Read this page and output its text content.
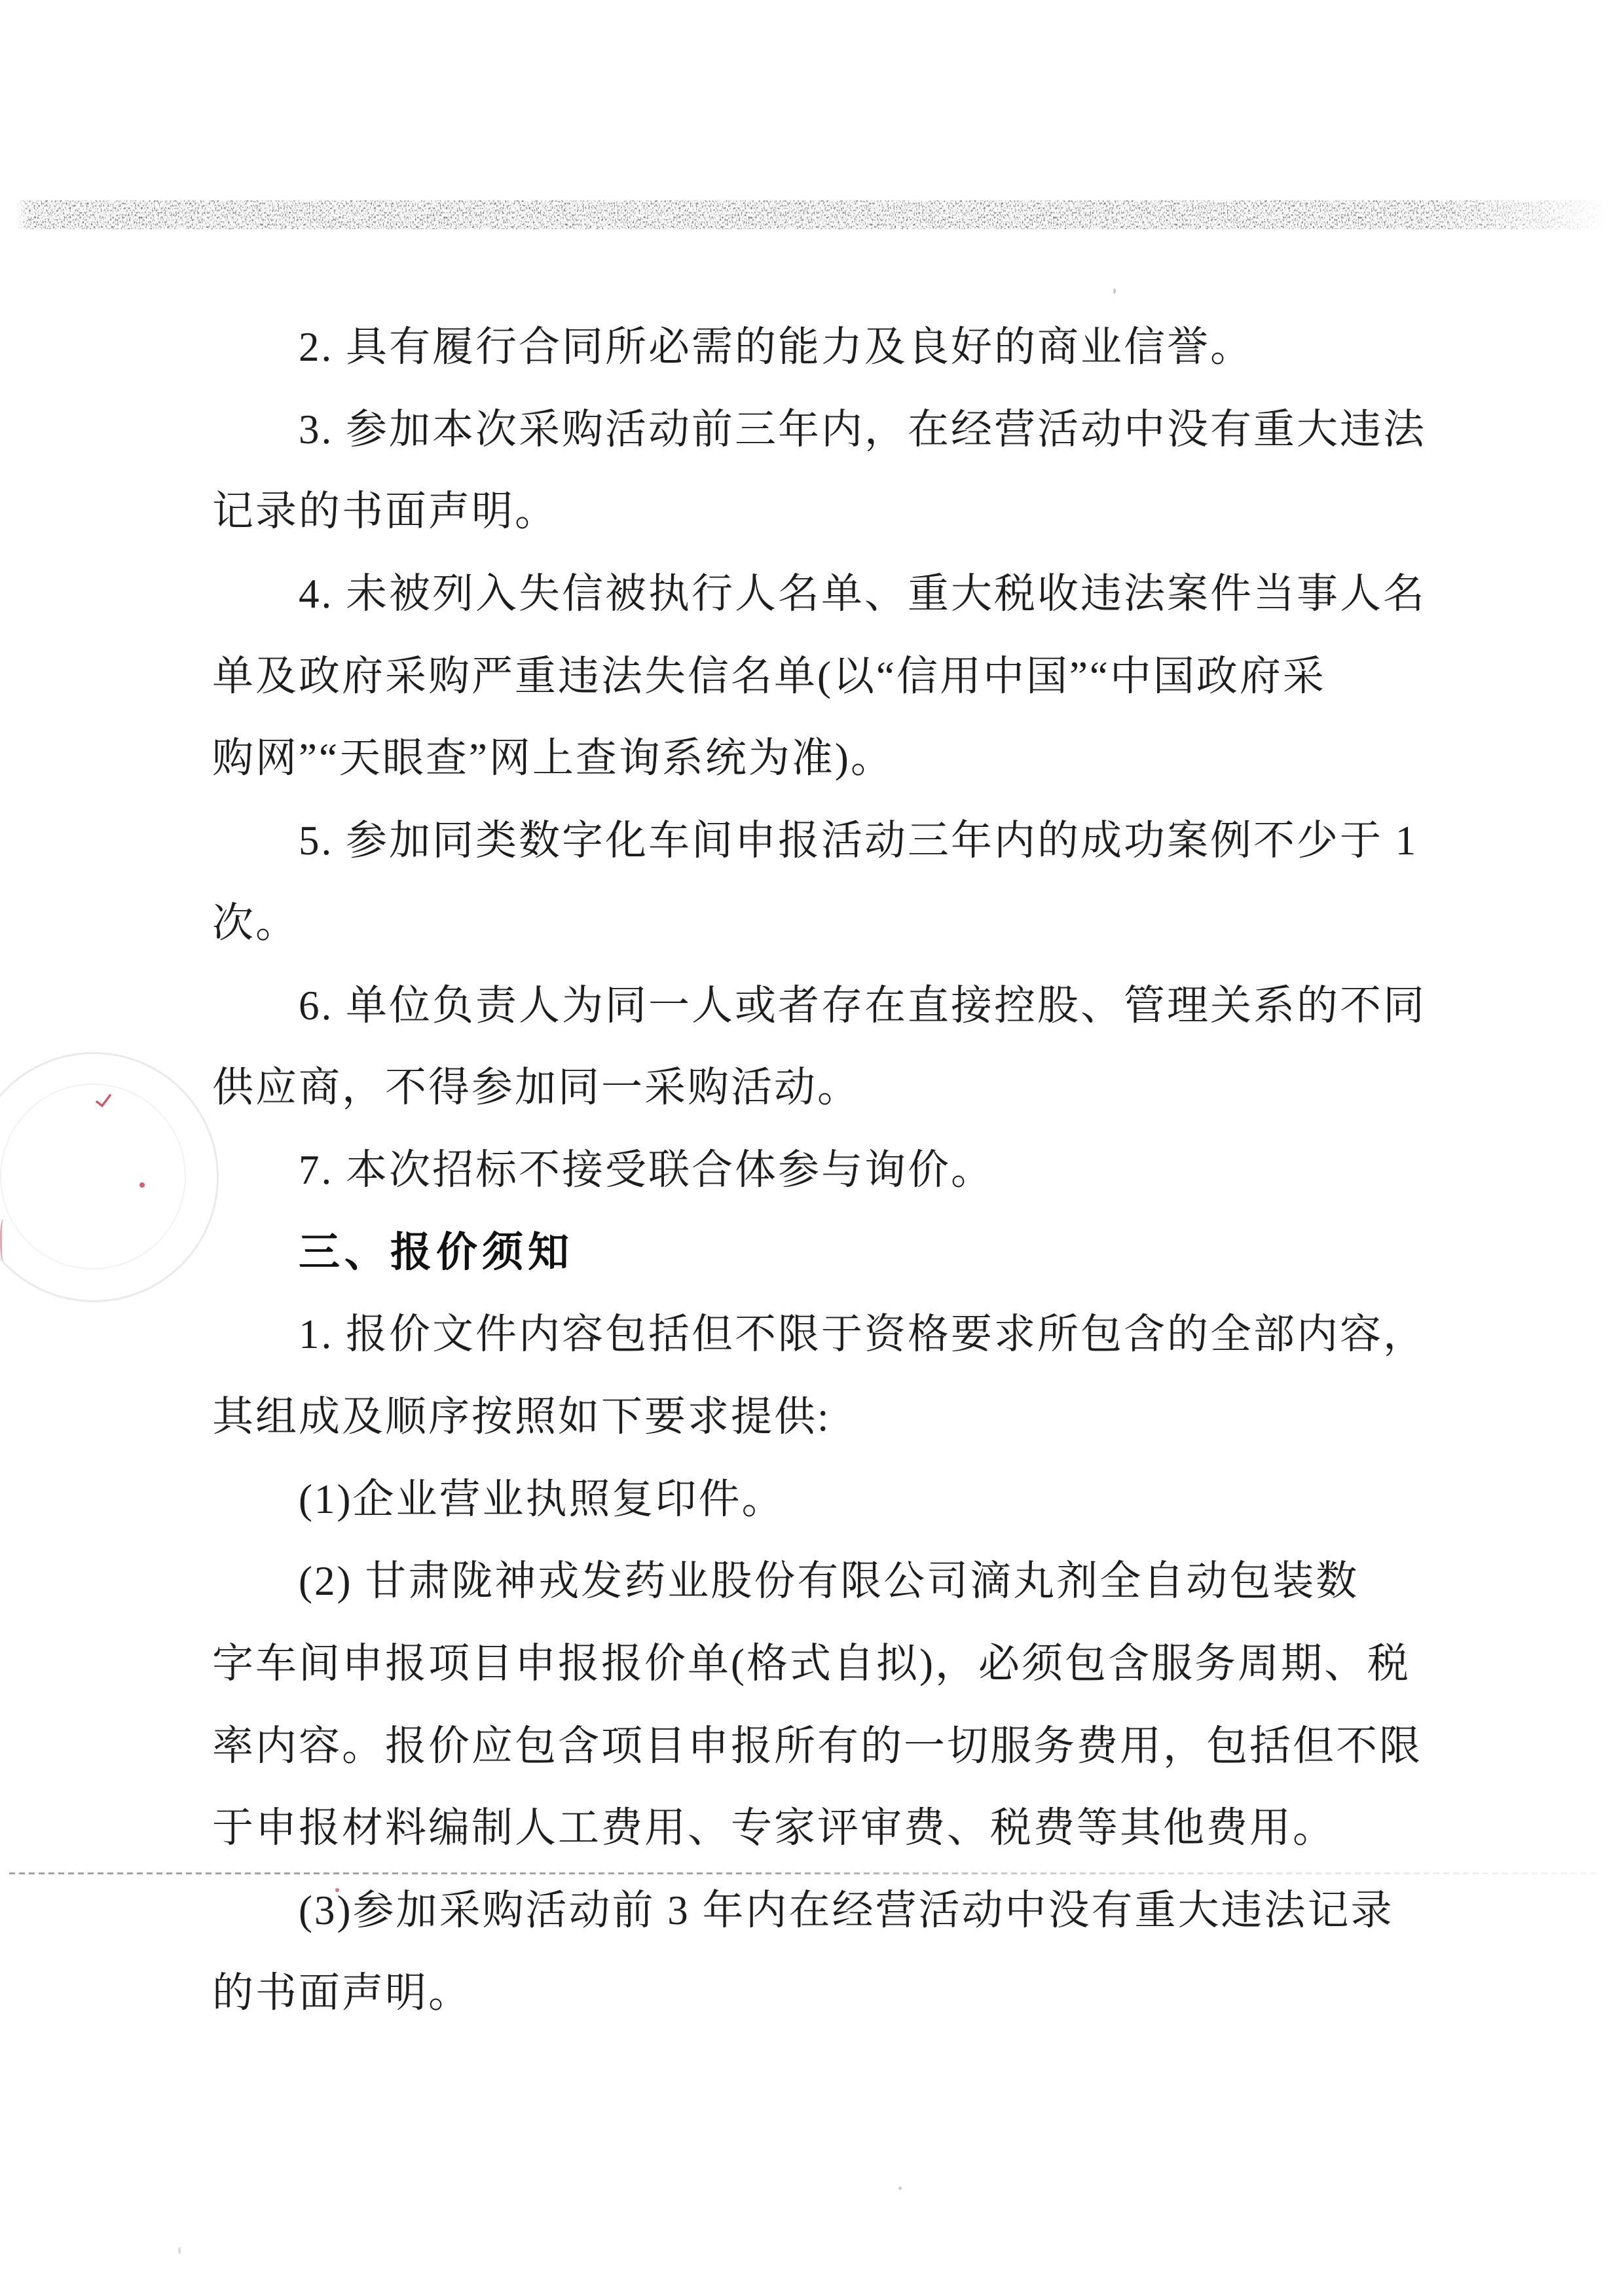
2. 具有履行合同所必需的能力及良好的商业信誉。

3. 参加本次采购活动前三年内，在经营活动中没有重大违法

记录的书面声明。

4. 未被列入失信被执行人名单、重大税收违法案件当事人名

单及政府采购严重违法失信名单(以“信用中国”“中国政府采

购网”“天眼查”网上查询系统为准)。

5. 参加同类数字化车间申报活动三年内的成功案例不少于 1

次。

6. 单位负责人为同一人或者存在直接控股、管理关系的不同

供应商，不得参加同一采购活动。

7. 本次招标不接受联合体参与询价。

三、报价须知

1. 报价文件内容包括但不限于资格要求所包含的全部内容，

其组成及顺序按照如下要求提供:

(1)企业营业执照复印件。

(2) 甘肃陇神戎发药业股份有限公司滴丸剂全自动包装数

字车间申报项目申报报价单(格式自拟)，必须包含服务周期、税

率内容。报价应包含项目申报所有的一切服务费用，包括但不限

于申报材料编制人工费用、专家评审费、税费等其他费用。

(3)参加采购活动前 3 年内在经营活动中没有重大违法记录

的书面声明。
